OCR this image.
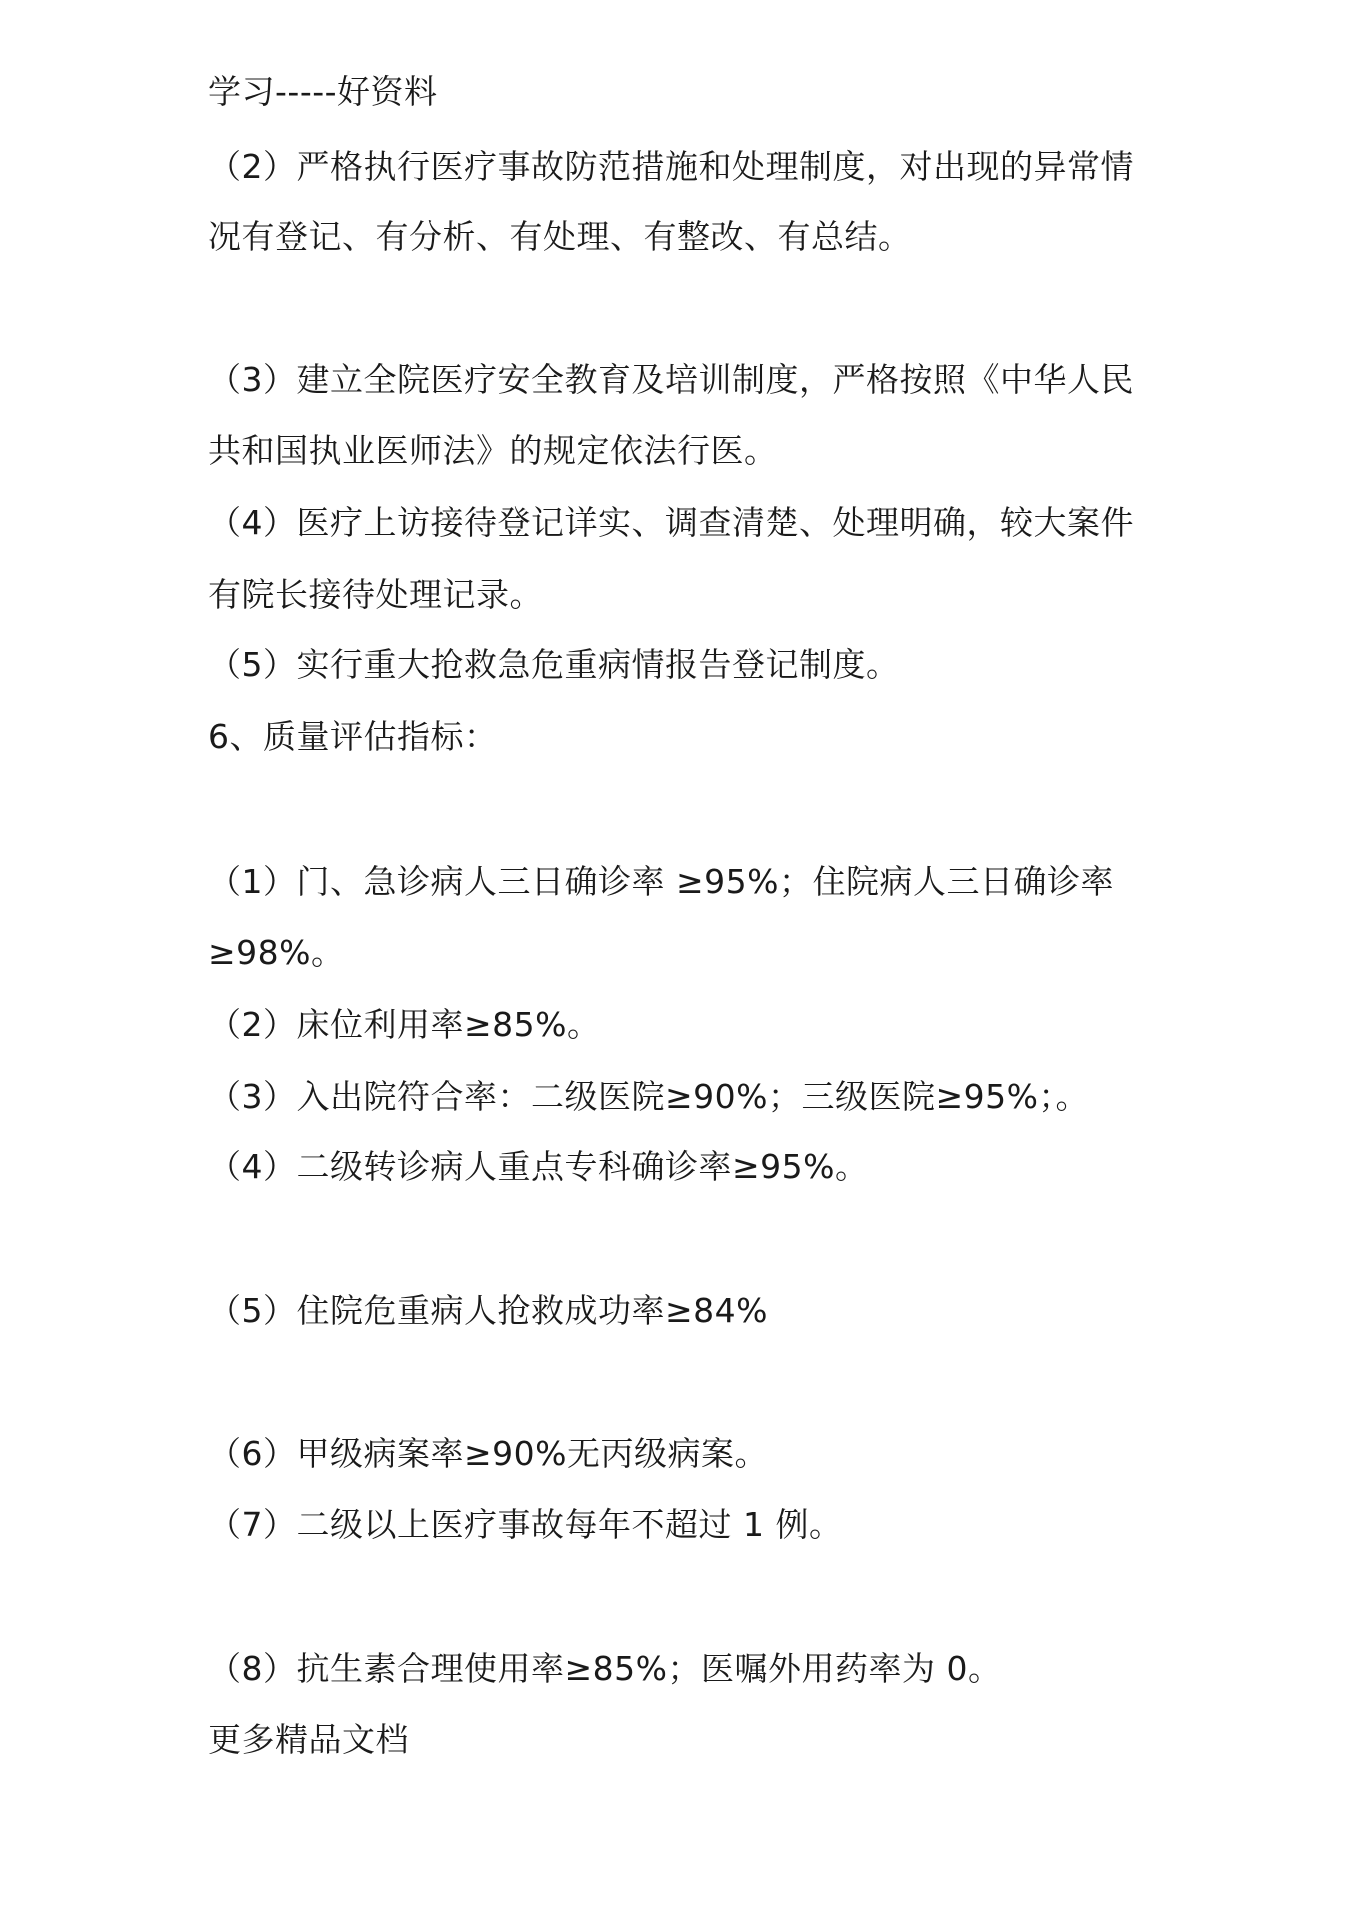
学习-----好资料
（2）严格执行医疗事故防范措施和处理制度，对出现的异常情
况有登记、有分析、有处理、有整改、有总结。
（3）建立全院医疗安全教育及培训制度，严格按照《中华人民
共和国执业医师法》的规定依法行医。
（4）医疗上访接待登记详实、调查清楚、处理明确，较大案件
有院长接待处理记录。
（5）实行重大抢救急危重病情报告登记制度。
6、质量评估指标：
（1）门、急诊病人三日确诊率 ≥95%；住院病人三日确诊率
≥98%。
（2）床位利用率≥85%。
（3）入出院符合率：二级医院≥90%；三级医院≥95%；。
（4）二级转诊病人重点专科确诊率≥95%。
（5）住院危重病人抢救成功率≥84%
（6）甲级病案率≥90%无丙级病案。
（7）二级以上医疗事故每年不超过 1 例。
（8）抗生素合理使用率≥85%；医嘱外用药率为 0。
更多精品文档
